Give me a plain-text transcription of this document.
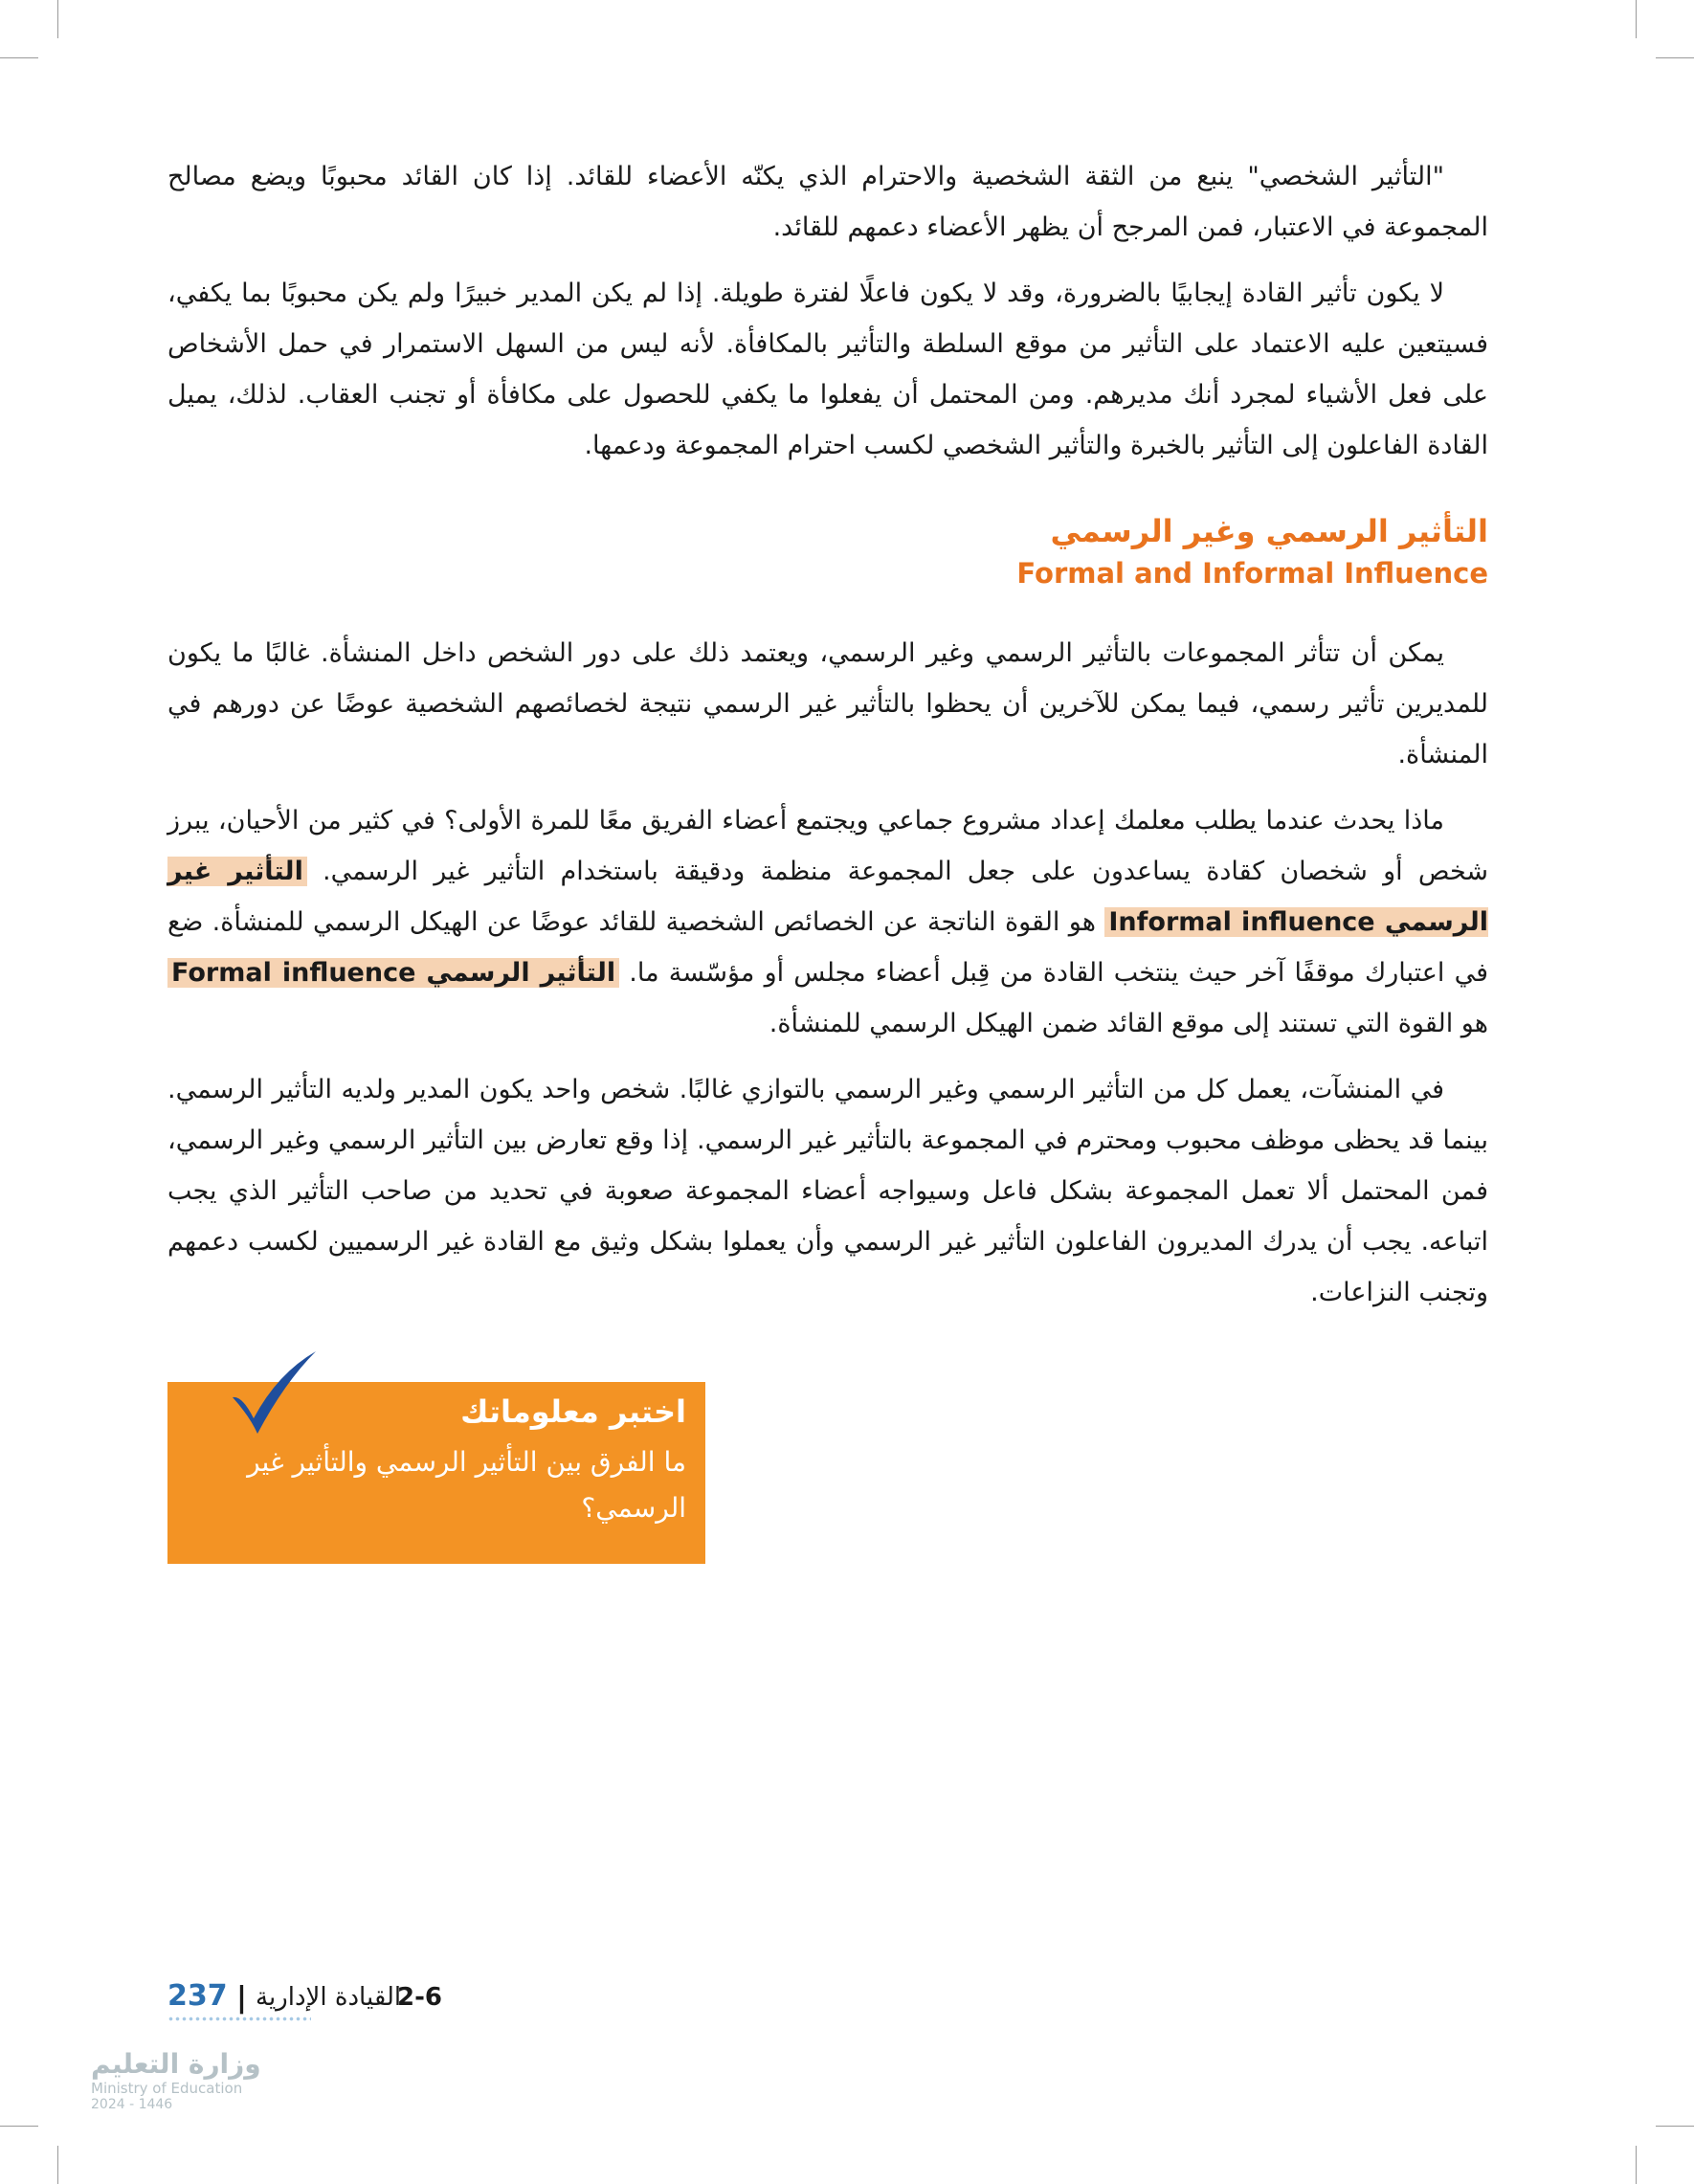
"التأثير الشخصي" ينبع من الثقة الشخصية والاحترام الذي يكنّه الأعضاء للقائد. إذا كان القائد محبوبًا ويضع مصالح المجموعة في الاعتبار، فمن المرجح أن يظهر الأعضاء دعمهم للقائد.

لا يكون تأثير القادة إيجابيًا بالضرورة، وقد لا يكون فاعلًا لفترة طويلة. إذا لم يكن المدير خبيرًا ولم يكن محبوبًا بما يكفي، فسيتعين عليه الاعتماد على التأثير من موقع السلطة والتأثير بالمكافأة. لأنه ليس من السهل الاستمرار في حمل الأشخاص على فعل الأشياء لمجرد أنك مديرهم. ومن المحتمل أن يفعلوا ما يكفي للحصول على مكافأة أو تجنب العقاب. لذلك، يميل القادة الفاعلون إلى التأثير بالخبرة والتأثير الشخصي لكسب احترام المجموعة ودعمها.

التأثير الرسمي وغير الرسمي
Formal and Informal Influence

يمكن أن تتأثر المجموعات بالتأثير الرسمي وغير الرسمي، ويعتمد ذلك على دور الشخص داخل المنشأة. غالبًا ما يكون للمديرين تأثير رسمي، فيما يمكن للآخرين أن يحظوا بالتأثير غير الرسمي نتيجة لخصائصهم الشخصية عوضًا عن دورهم في المنشأة.

ماذا يحدث عندما يطلب معلمك إعداد مشروع جماعي ويجتمع أعضاء الفريق معًا للمرة الأولى؟ في كثير من الأحيان، يبرز شخص أو شخصان كقادة يساعدون على جعل المجموعة منظمة ودقيقة باستخدام التأثير غير الرسمي. التأثير غير الرسمي Informal influence هو القوة الناتجة عن الخصائص الشخصية للقائد عوضًا عن الهيكل الرسمي للمنشأة. ضع في اعتبارك موقفًا آخر حيث ينتخب القادة من قِبل أعضاء مجلس أو مؤسّسة ما. التأثير الرسمي Formal influence هو القوة التي تستند إلى موقع القائد ضمن الهيكل الرسمي للمنشأة.

في المنشآت، يعمل كل من التأثير الرسمي وغير الرسمي بالتوازي غالبًا. شخص واحد يكون المدير ولديه التأثير الرسمي. بينما قد يحظى موظف محبوب ومحترم في المجموعة بالتأثير غير الرسمي. إذا وقع تعارض بين التأثير الرسمي وغير الرسمي، فمن المحتمل ألا تعمل المجموعة بشكل فاعل وسيواجه أعضاء المجموعة صعوبة في تحديد من صاحب التأثير الذي يجب اتباعه. يجب أن يدرك المديرون الفاعلون التأثير غير الرسمي وأن يعملوا بشكل وثيق مع القادة غير الرسميين لكسب دعمهم وتجنب النزاعات.

اختبر معلوماتك
ما الفرق بين التأثير الرسمي والتأثير غير الرسمي؟
237 | القيادة الإدارية
2-6
وزارة التعليم
Ministry of Education
2024 - 1446
